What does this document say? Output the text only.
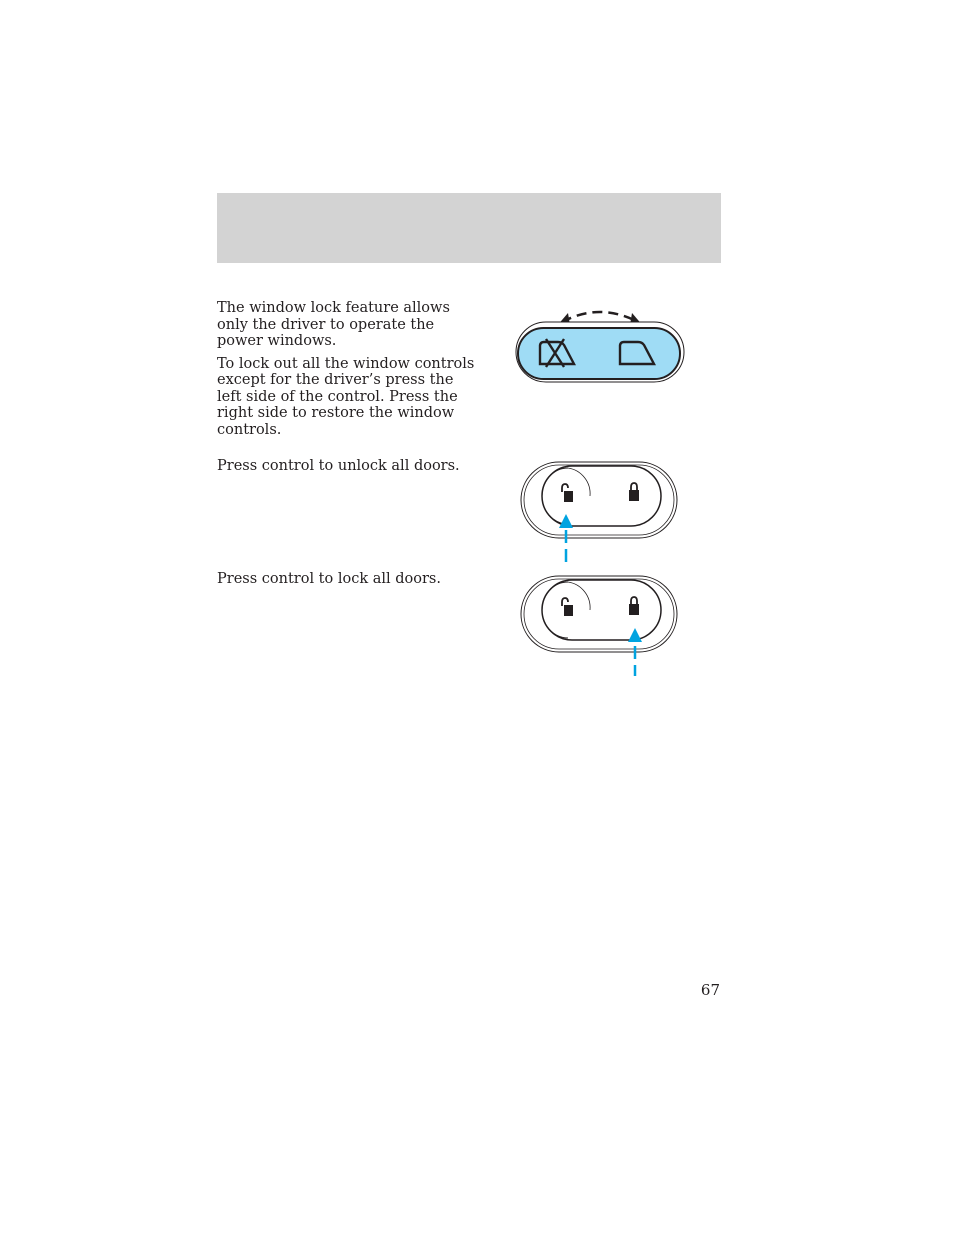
The window lock feature allows only the driver to operate the power windows.

To lock out all the window controls except for the driver’s press the left side of the control. Press the right side to restore the window controls.

Press control to unlock all doors.

Press control to lock all doors.

67
